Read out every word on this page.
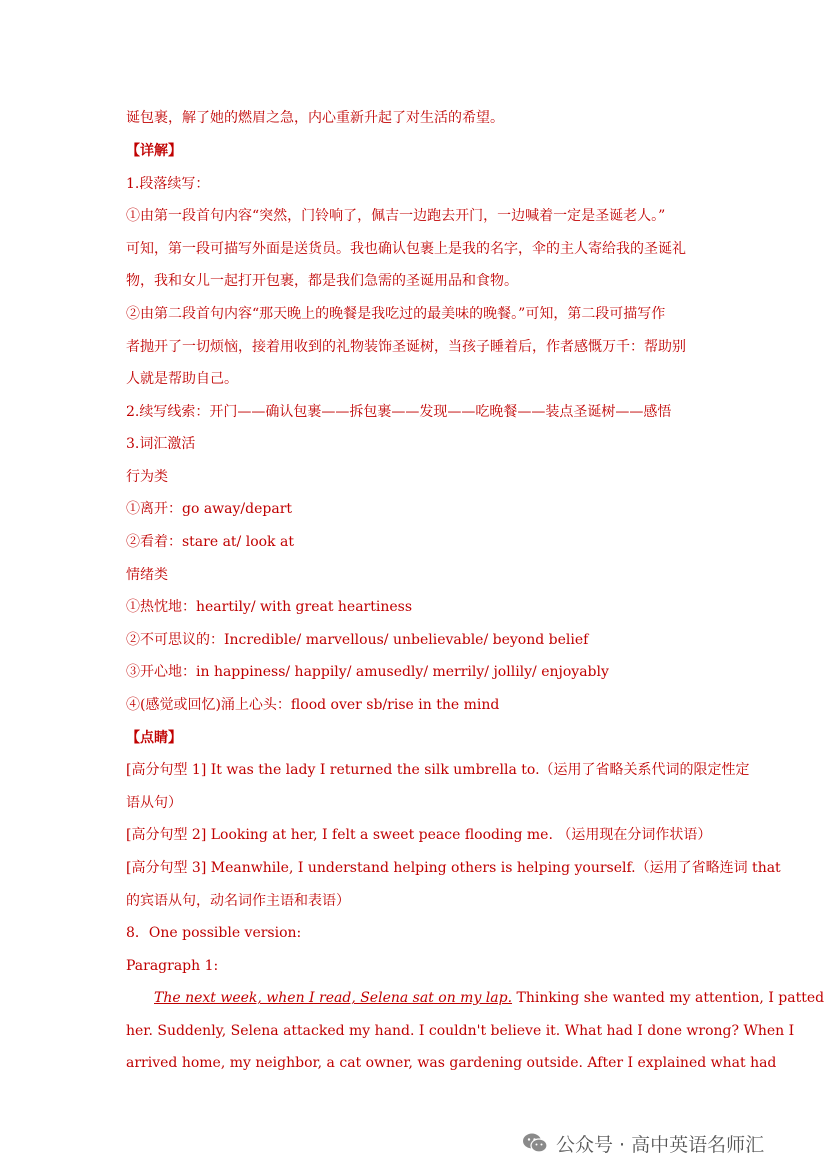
诞包裹，解了她的燃眉之急，内心重新升起了对生活的希望。
【详解】
1.段落续写：
①由第一段首句内容“突然，门铃响了，佩吉一边跑去开门，一边喊着一定是圣诞老人。”
可知，第一段可描写外面是送货员。我也确认包裹上是我的名字，伞的主人寄给我的圣诞礼
物，我和女儿一起打开包裹，都是我们急需的圣诞用品和食物。
②由第二段首句内容“那天晚上的晚餐是我吃过的最美味的晚餐。”可知，第二段可描写作
者抛开了一切烦恼，接着用收到的礼物装饰圣诞树，当孩子睡着后，作者感慨万千：帮助别
人就是帮助自己。
2.续写线索：开门——确认包裹——拆包裹——发现——吃晚餐——装点圣诞树——感悟
3.词汇激活
行为类
①离开：go away/depart
②看着：stare at/ look at
情绪类
①热忱地：heartily/ with great heartiness
②不可思议的：Incredible/ marvellous/ unbelievable/ beyond belief
③开心地：in happiness/ happily/ amusedly/ merrily/ jollily/ enjoyably
④(感觉或回忆)涌上心头：flood over sb/rise in the mind
【点睛】
[高分句型 1] It was the lady I returned the silk umbrella to.（运用了省略关系代词的限定性定
语从句）
[高分句型 2] Looking at her, I felt a sweet peace flooding me. （运用现在分词作状语）
[高分句型 3] Meanwhile, I understand helping others is helping yourself.（运用了省略连词 that
的宾语从句，动名词作主语和表语）
8．One possible version:
Paragraph 1:
The next week, when I read, Selena sat on my lap. Thinking she wanted my attention, I patted
her. Suddenly, Selena attacked my hand. I couldn't believe it. What had I done wrong? When I
arrived home, my neighbor, a cat owner, was gardening outside. After I explained what had
公众号 · 高中英语名师汇
